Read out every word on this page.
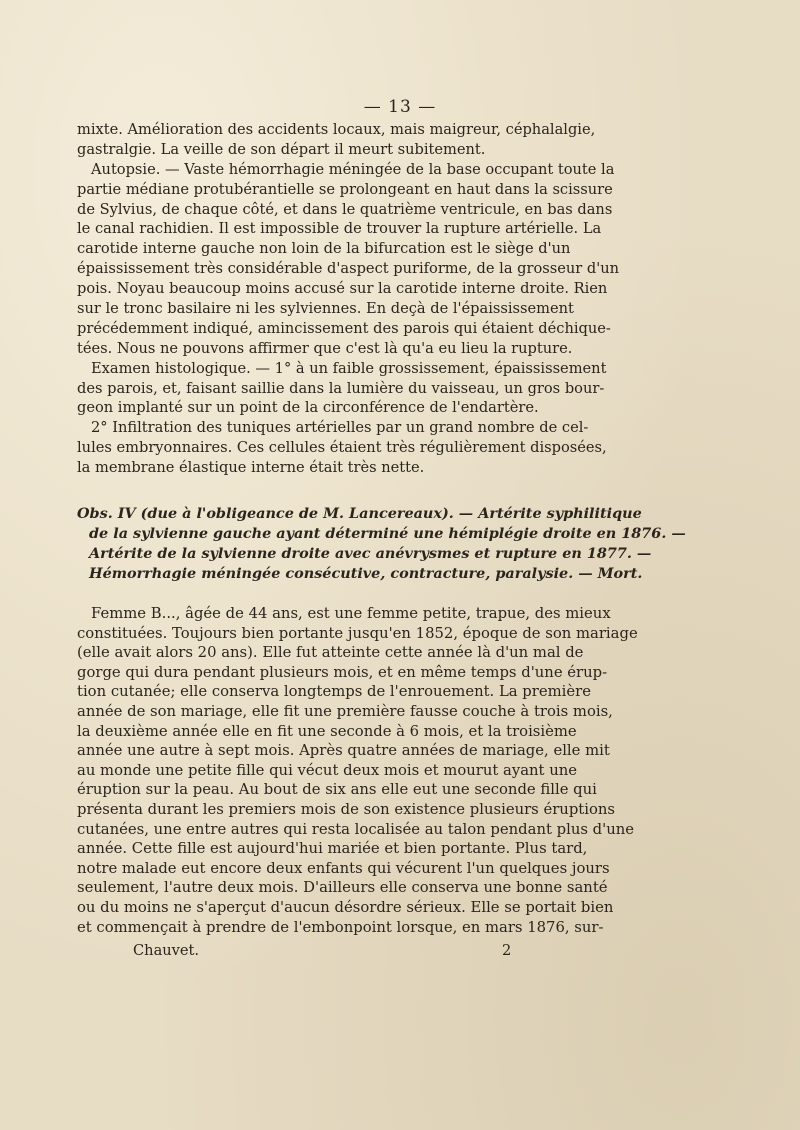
— 13 —
mixte. Amélioration des accidents locaux, mais maigreur, céphalalgie,
gastralgie. La veille de son départ il meurt subitement.
Autopsie. — Vaste hémorrhagie méningée de la base occupant toute la
partie médiane protubérantielle se prolongeant en haut dans la scissure
de Sylvius, de chaque côté, et dans le quatrième ventricule, en bas dans
le canal rachidien. Il est impossible de trouver la rupture artérielle. La
carotide interne gauche non loin de la bifurcation est le siège d'un
épaississement très considérable d'aspect puriforme, de la grosseur d'un
pois. Noyau beaucoup moins accusé sur la carotide interne droite. Rien
sur le tronc basilaire ni les sylviennes. En deçà de l'épaississement
précédemment indiqué, amincissement des parois qui étaient déchique-
tées. Nous ne pouvons affirmer que c'est là qu'a eu lieu la rupture.
Examen histologique. — 1° à un faible grossissement, épaississement
des parois, et, faisant saillie dans la lumière du vaisseau, un gros bour-
geon implanté sur un point de la circonférence de l'endartère.
2° Infiltration des tuniques artérielles par un grand nombre de cel-
lules embryonnaires. Ces cellules étaient très régulièrement disposées,
la membrane élastique interne était très nette.
Obs. IV (due à l'obligeance de M. Lancereaux). — Artérite syphilitique
de la sylvienne gauche ayant déterminé une hémiplégie droite en 1876. —
Artérite de la sylvienne droite avec anévrysmes et rupture en 1877. —
Hémorrhagie méningée consécutive, contracture, paralysie. — Mort.
Femme B..., âgée de 44 ans, est une femme petite, trapue, des mieux
constituées. Toujours bien portante jusqu'en 1852, époque de son mariage
(elle avait alors 20 ans). Elle fut atteinte cette année là d'un mal de
gorge qui dura pendant plusieurs mois, et en même temps d'une érup-
tion cutanée; elle conserva longtemps de l'enrouement. La première
année de son mariage, elle fit une première fausse couche à trois mois,
la deuxième année elle en fit une seconde à 6 mois, et la troisième
année une autre à sept mois. Après quatre années de mariage, elle mit
au monde une petite fille qui vécut deux mois et mourut ayant une
éruption sur la peau. Au bout de six ans elle eut une seconde fille qui
présenta durant les premiers mois de son existence plusieurs éruptions
cutanées, une entre autres qui resta localisée au talon pendant plus d'une
année. Cette fille est aujourd'hui mariée et bien portante. Plus tard,
notre malade eut encore deux enfants qui vécurent l'un quelques jours
seulement, l'autre deux mois. D'ailleurs elle conserva une bonne santé
ou du moins ne s'aperçut d'aucun désordre sérieux. Elle se portait bien
et commençait à prendre de l'embonpoint lorsque, en mars 1876, sur-
Chauvet.	2
